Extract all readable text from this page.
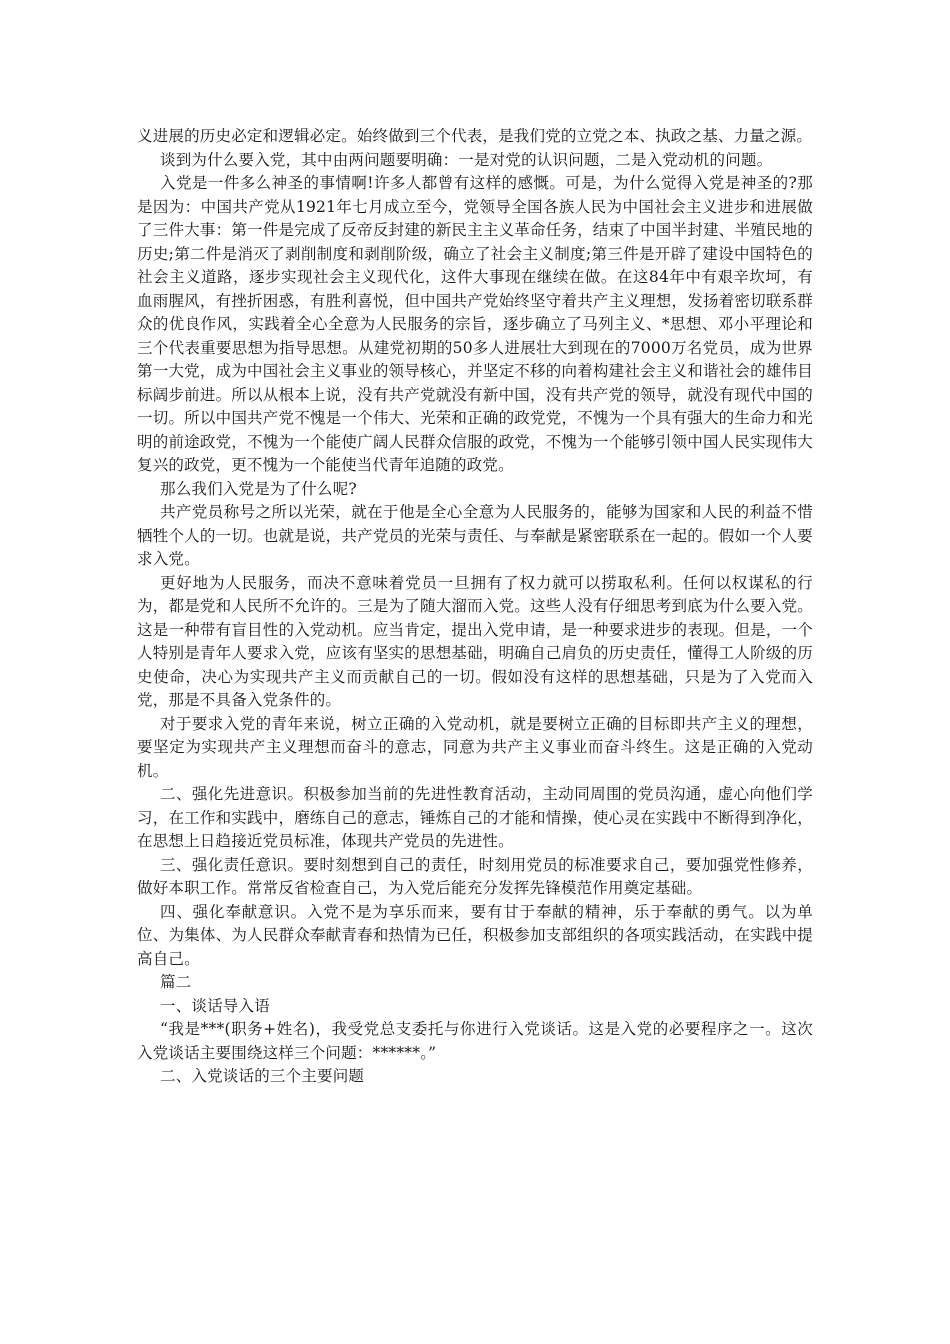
义进展的历史必定和逻辑必定。始终做到三个代表，是我们党的立党之本、执政之基、力量之源。

谈到为什么要入党，其中由两问题要明确：一是对党的认识问题，二是入党动机的问题。

入党是一件多么神圣的事情啊!许多人都曾有这样的感慨。可是，为什么觉得入党是神圣的?那是因为：中国共产党从1921年七月成立至今，党领导全国各族人民为中国社会主义进步和进展做了三件大事：第一件是完成了反帝反封建的新民主主义革命任务，结束了中国半封建、半殖民地的历史;第二件是消灭了剥削制度和剥削阶级，确立了社会主义制度;第三件是开辟了建设中国特色的社会主义道路，逐步实现社会主义现代化，这件大事现在继续在做。在这84年中有艰辛坎坷，有血雨腥风，有挫折困惑，有胜利喜悦，但中国共产党始终坚守着共产主义理想，发扬着密切联系群众的优良作风，实践着全心全意为人民服务的宗旨，逐步确立了马列主义、*思想、邓小平理论和三个代表重要思想为指导思想。从建党初期的50多人进展壮大到现在的7000万名党员，成为世界第一大党，成为中国社会主义事业的领导核心，并坚定不移的向着构建社会主义和谐社会的雄伟目标阔步前进。所以从根本上说，没有共产党就没有新中国，没有共产党的领导，就没有现代中国的一切。所以中国共产党不愧是一个伟大、光荣和正确的政党党，不愧为一个具有强大的生命力和光明的前途政党，不愧为一个能使广阔人民群众信服的政党，不愧为一个能够引领中国人民实现伟大复兴的政党，更不愧为一个能使当代青年追随的政党。

那么我们入党是为了什么呢?

共产党员称号之所以光荣，就在于他是全心全意为人民服务的，能够为国家和人民的利益不惜牺牲个人的一切。也就是说，共产党员的光荣与责任、与奉献是紧密联系在一起的。假如一个人要求入党。

更好地为人民服务，而决不意味着党员一旦拥有了权力就可以捞取私利。任何以权谋私的行为，都是党和人民所不允许的。三是为了随大溜而入党。这些人没有仔细思考到底为什么要入党。这是一种带有盲目性的入党动机。应当肯定，提出入党申请，是一种要求进步的表现。但是，一个人特别是青年人要求入党，应该有坚实的思想基础，明确自己肩负的历史责任，懂得工人阶级的历史使命，决心为实现共产主义而贡献自己的一切。假如没有这样的思想基础，只是为了入党而入党，那是不具备入党条件的。

对于要求入党的青年来说，树立正确的入党动机，就是要树立正确的目标即共产主义的理想，要坚定为实现共产主义理想而奋斗的意志，同意为共产主义事业而奋斗终生。这是正确的入党动机。

二、强化先进意识。积极参加当前的先进性教育活动，主动同周围的党员沟通，虚心向他们学习，在工作和实践中，磨练自己的意志，锤炼自己的才能和情操，使心灵在实践中不断得到净化，在思想上日趋接近党员标准，体现共产党员的先进性。

三、强化责任意识。要时刻想到自己的责任，时刻用党员的标准要求自己，要加强党性修养，做好本职工作。常常反省检查自己，为入党后能充分发挥先锋模范作用奠定基础。

四、强化奉献意识。入党不是为享乐而来，要有甘于奉献的精神，乐于奉献的勇气。以为单位、为集体、为人民群众奉献青春和热情为已任，积极参加支部组织的各项实践活动，在实践中提高自己。

篇二

一、谈话导入语

“我是***(职务+姓名)，我受党总支委托与你进行入党谈话。这是入党的必要程序之一。这次入党谈话主要围绕这样三个问题：******。”

二、入党谈话的三个主要问题
